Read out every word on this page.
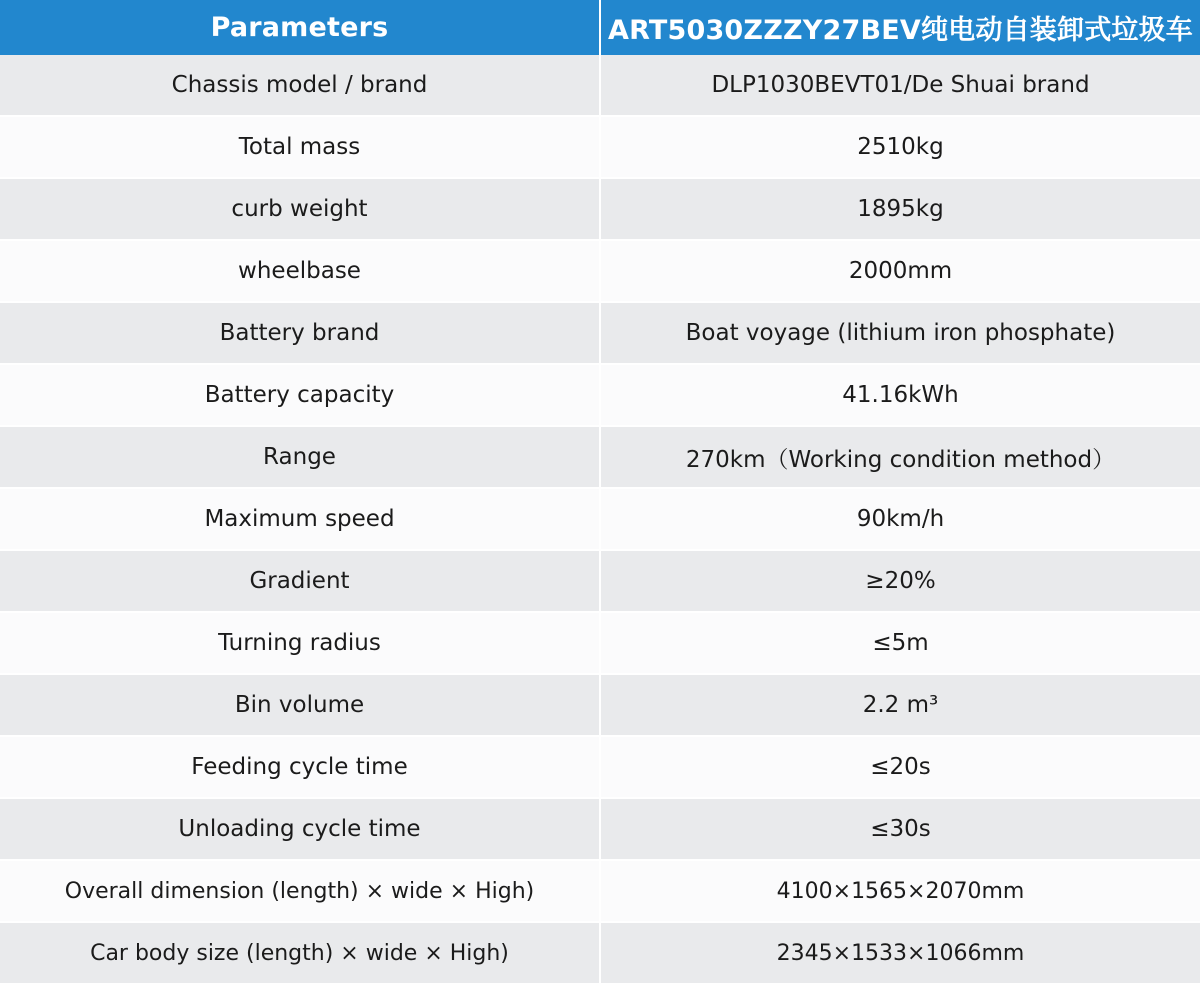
Parameters	ART5030ZZZY27BEV纯电动自装卸式垃圾车
Chassis model / brand	DLP1030BEVT01/De Shuai brand
Total mass	2510kg
curb weight	1895kg
wheelbase	2000mm
Battery brand	Boat voyage (lithium iron phosphate)
Battery capacity	41.16kWh
Range	270km（Working condition method）
Maximum speed	90km/h
Gradient	≥20%
Turning radius	≤5m
Bin volume	2.2 m³
Feeding cycle time	≤20s
Unloading cycle time	≤30s
Overall dimension (length) × wide × High)	4100×1565×2070mm
Car body size (length) × wide × High)	2345×1533×1066mm
